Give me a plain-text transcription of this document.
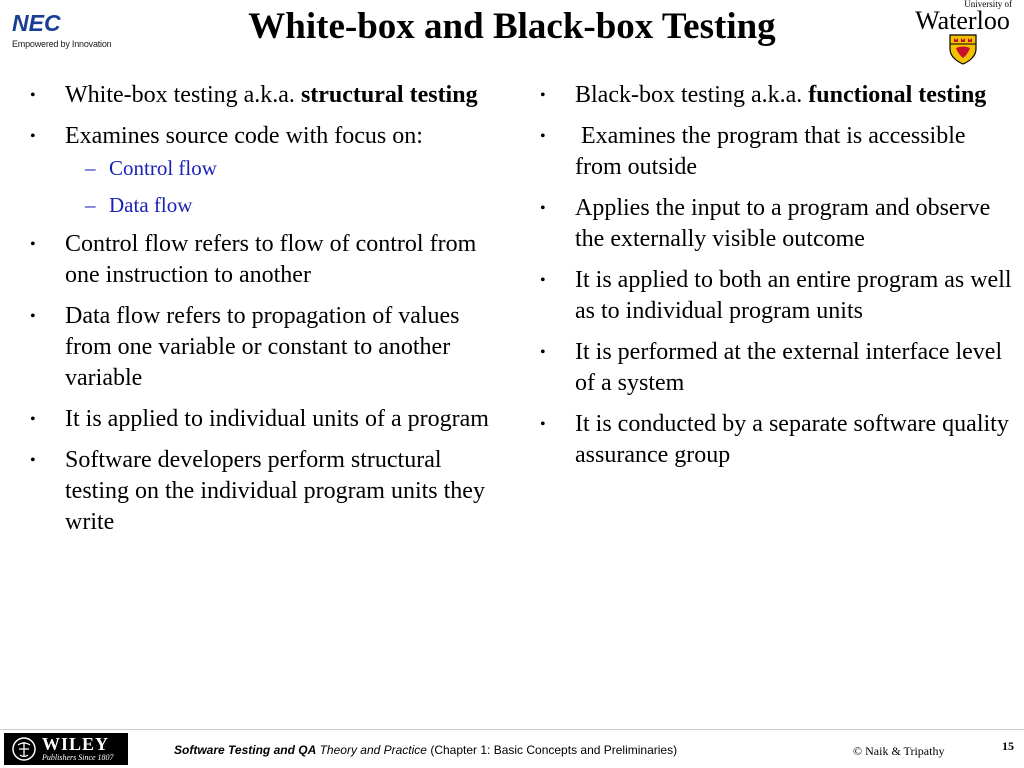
NEC
Empowered by Innovation	White-box and Black-box Testing
University of
Waterloo
• White-box testing a.k.a. structural testing
• Examines source code with focus on:
– Control flow
– Data flow
• Control flow refers to flow of control from one instruction to another
• Data flow refers to propagation of values from one variable or constant to another variable
• It is applied to individual units of a program
• Software developers perform structural testing on the individual program units they write
• Black-box testing a.k.a. functional testing
• Examines the program that is accessible from outside
• Applies the input to a program and observe the externally visible outcome
• It is applied to both an entire program as well as to individual program units
• It is performed at the external interface level of a system
• It is conducted by a separate software quality assurance group
WILEY
Publishers Since 1807
Software Testing and QA Theory and Practice (Chapter 1: Basic Concepts and Preliminaries)	© Naik & Tripathy	15
